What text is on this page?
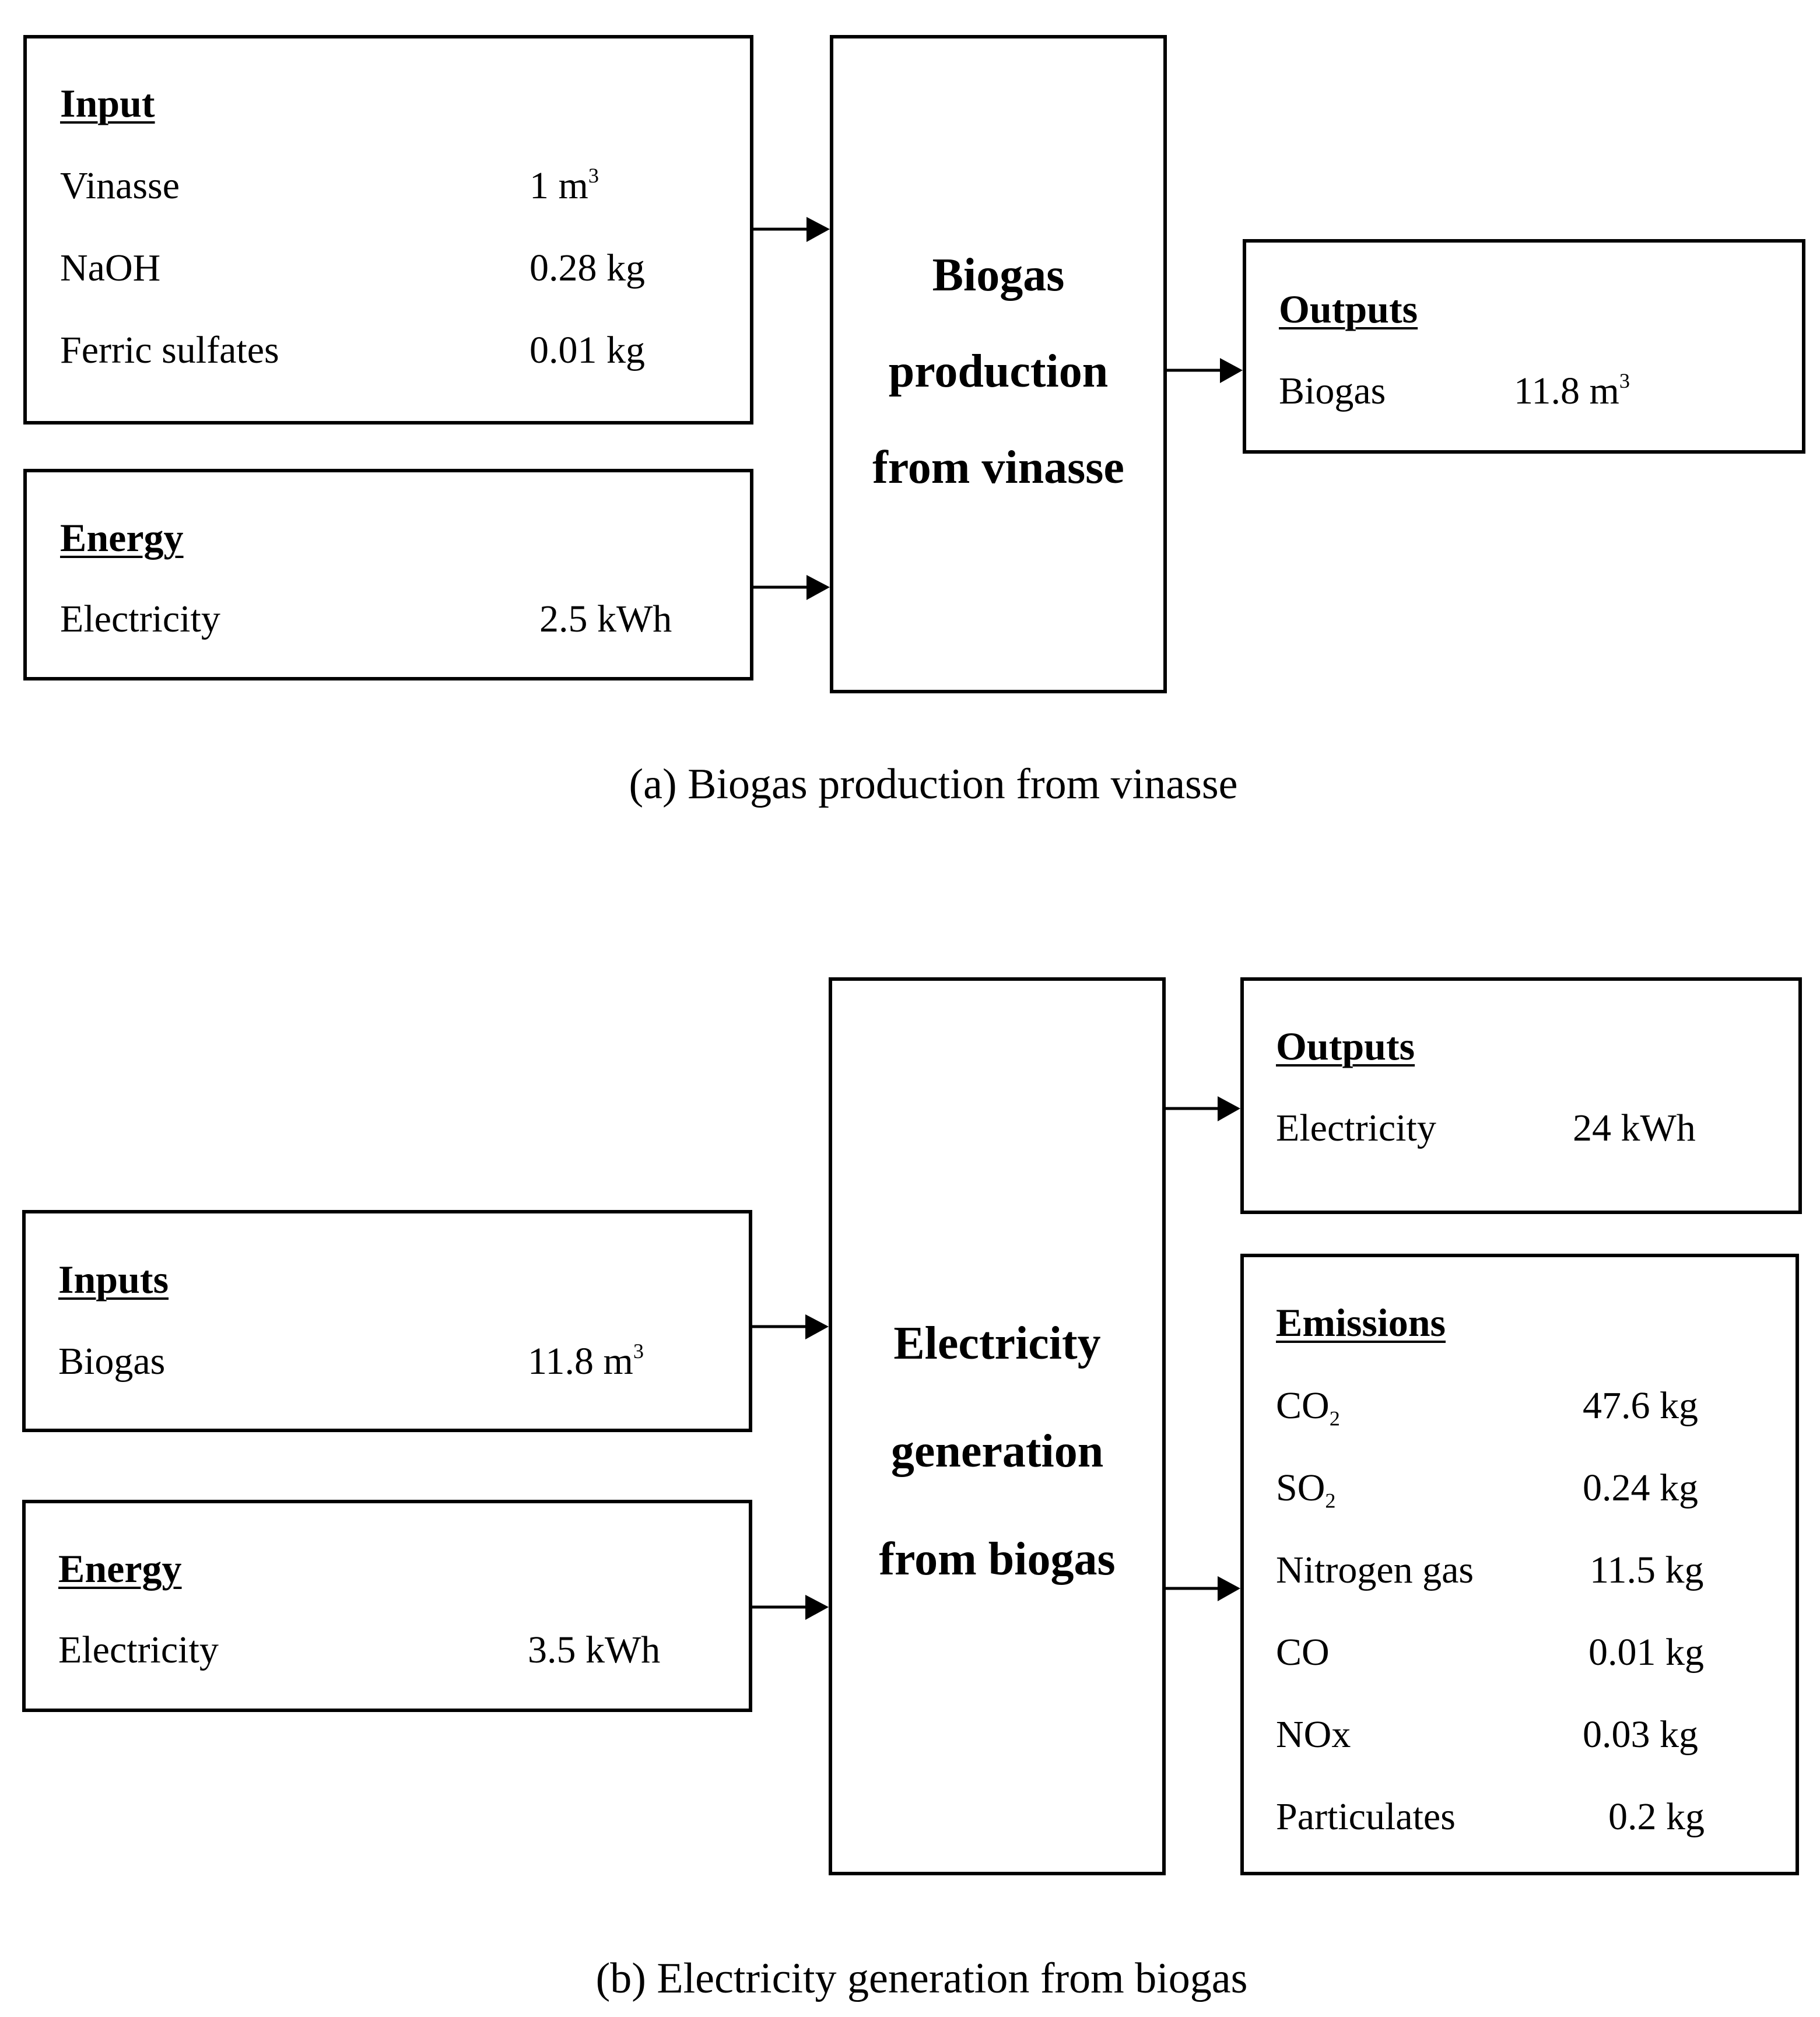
Input
Vinasse	1 $m^3$
NaOH	0.28 kg
Ferric sulfates	0.01 kg
Energy
Electricity	2.5 kWh
Biogas
production
from vinasse
Outputs
Biogas	11.8 $m^3$
(a) Biogas production from vinasse
Inputs
Biogas	11.8 $m^3$
Energy
Electricity	3.5 kWh
Electricity
generation
from biogas
Outputs
Electricity	24 kWh
Emissions
$CO_2$	47.6 kg
$SO_2$	0.24 kg
Nitrogen gas	11.5 kg
CO	0.01 kg
NOx	0.03 kg
Particulates	0.2 kg
(b) Electricity generation from biogas
